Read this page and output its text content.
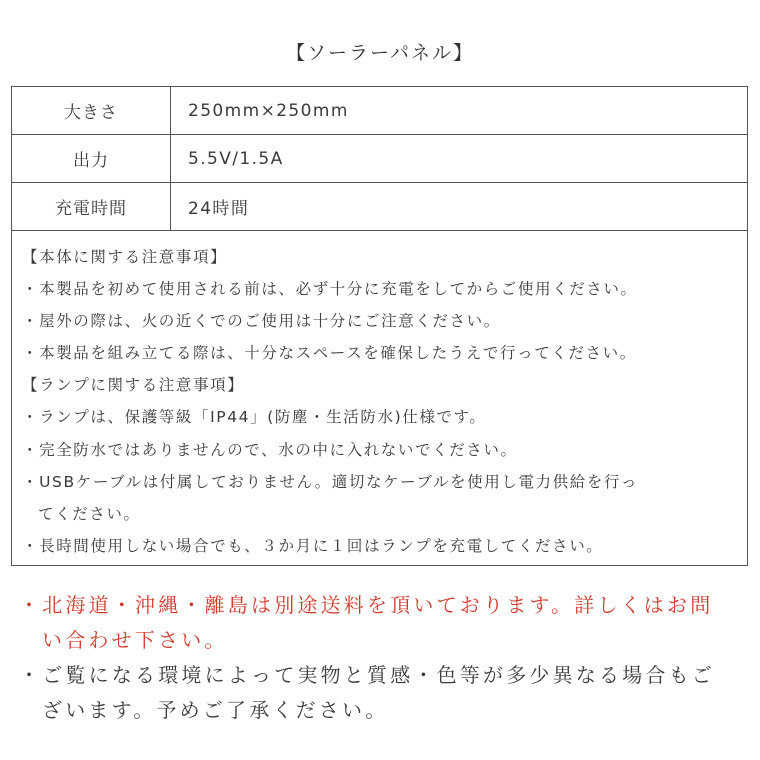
【ソーラーパネル】
大きさ	250mm×250mm
出力	5.5V/1.5A
充電時間	24時間
【本体に関する注意事項】
・本製品を初めて使用される前は、必ず十分に充電をしてからご使用ください。
・屋外の際は、火の近くでのご使用は十分にご注意ください。
・本製品を組み立てる際は、十分なスペースを確保したうえで行ってください。
【ランプに関する注意事項】
・ランプは、保護等級「IP44」(防塵・生活防水)仕様です。
・完全防水ではありませんので、水の中に入れないでください。
・USBケーブルは付属しておりません。適切なケーブルを使用し電力供給を行っ
てください。
・長時間使用しない場合でも、３か月に１回はランプを充電してください。
・北海道・沖縄・離島は別途送料を頂いております。詳しくはお問
い合わせ下さい。
・ご覧になる環境によって実物と質感・色等が多少異なる場合もご
ざいます。予めご了承ください。
